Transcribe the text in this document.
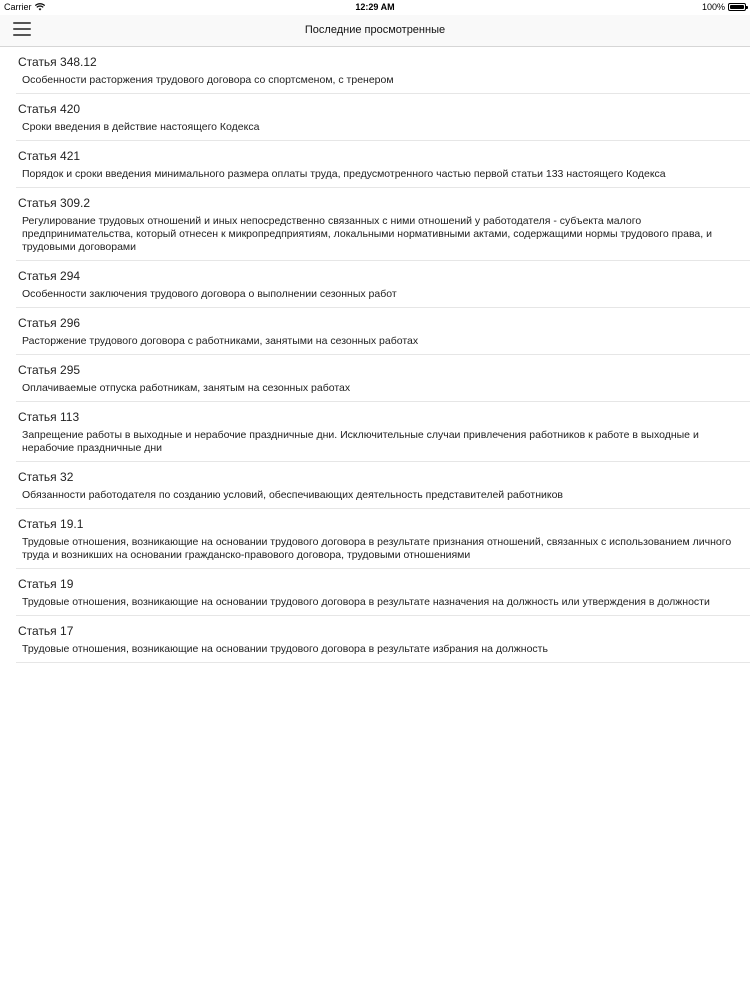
Carrier	12:29 AM	100%
Последние просмотренные
Статья 348.12
Особенности расторжения трудового договора со спортсменом, с тренером
Статья 420
Сроки введения в действие настоящего Кодекса
Статья 421
Порядок и сроки введения минимального размера оплаты труда, предусмотренного частью первой статьи 133 настоящего Кодекса
Статья 309.2
Регулирование трудовых отношений и иных непосредственно связанных с ними отношений у работодателя - субъекта малого предпринимательства, который отнесен к микропредприятиям, локальными нормативными актами, содержащими нормы трудового права, и трудовыми договорами
Статья 294
Особенности заключения трудового договора о выполнении сезонных работ
Статья 296
Расторжение трудового договора с работниками, занятыми на сезонных работах
Статья 295
Оплачиваемые отпуска работникам, занятым на сезонных работах
Статья 113
Запрещение работы в выходные и нерабочие праздничные дни. Исключительные случаи привлечения работников к работе в выходные и нерабочие праздничные дни
Статья 32
Обязанности работодателя по созданию условий, обеспечивающих деятельность представителей работников
Статья 19.1
Трудовые отношения, возникающие на основании трудового договора в результате признания отношений, связанных с использованием личного труда и возникших на основании гражданско-правового договора, трудовыми отношениями
Статья 19
Трудовые отношения, возникающие на основании трудового договора в результате назначения на должность или утверждения в должности
Статья 17
Трудовые отношения, возникающие на основании трудового договора в результате избрания на должность
